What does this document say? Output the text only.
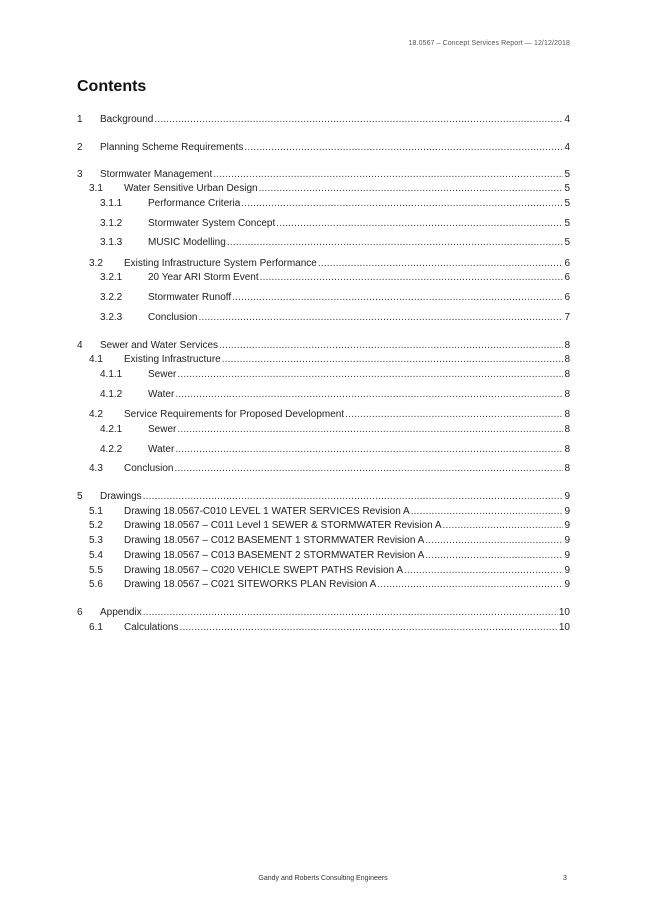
18.0567 – Concept Services Report — 12/12/2018
Contents
1 Background .....	4
2 Planning Scheme Requirements .....	4
3 Stormwater Management .....	5
3.1 Water Sensitive Urban Design .....	5
3.1.1	Performance Criteria .....	5
3.1.2	Stormwater System Concept .....	5
3.1.3	MUSIC Modelling .....	5
3.2 Existing Infrastructure System Performance .....	6
3.2.1	20 Year ARI Storm Event .....	6
3.2.2	Stormwater Runoff .....	6
3.2.3	Conclusion .....	7
4 Sewer and Water Services .....	8
4.1 Existing Infrastructure .....	8
4.1.1	Sewer .....	8
4.1.2	Water .....	8
4.2 Service Requirements for Proposed Development .....	8
4.2.1	Sewer .....	8
4.2.2	Water .....	8
4.3 Conclusion .....	8
5 Drawings .....	9
5.1 Drawing 18.0567-C010 LEVEL 1 WATER SERVICES Revision A .....	9
5.2 Drawing 18.0567 – C011 Level 1 SEWER & STORMWATER Revision A .....	9
5.3 Drawing 18.0567 – C012 BASEMENT 1 STORMWATER Revision A .....	9
5.4 Drawing 18.0567 – C013 BASEMENT 2 STORMWATER Revision A .....	9
5.5 Drawing 18.0567 – C020 VEHICLE SWEPT PATHS Revision A .....	9
5.6 Drawing 18.0567 – C021 SITEWORKS PLAN Revision A .....	9
6 Appendix .....	10
6.1 Calculations .....	10
Gandy and Roberts Consulting Engineers	3
